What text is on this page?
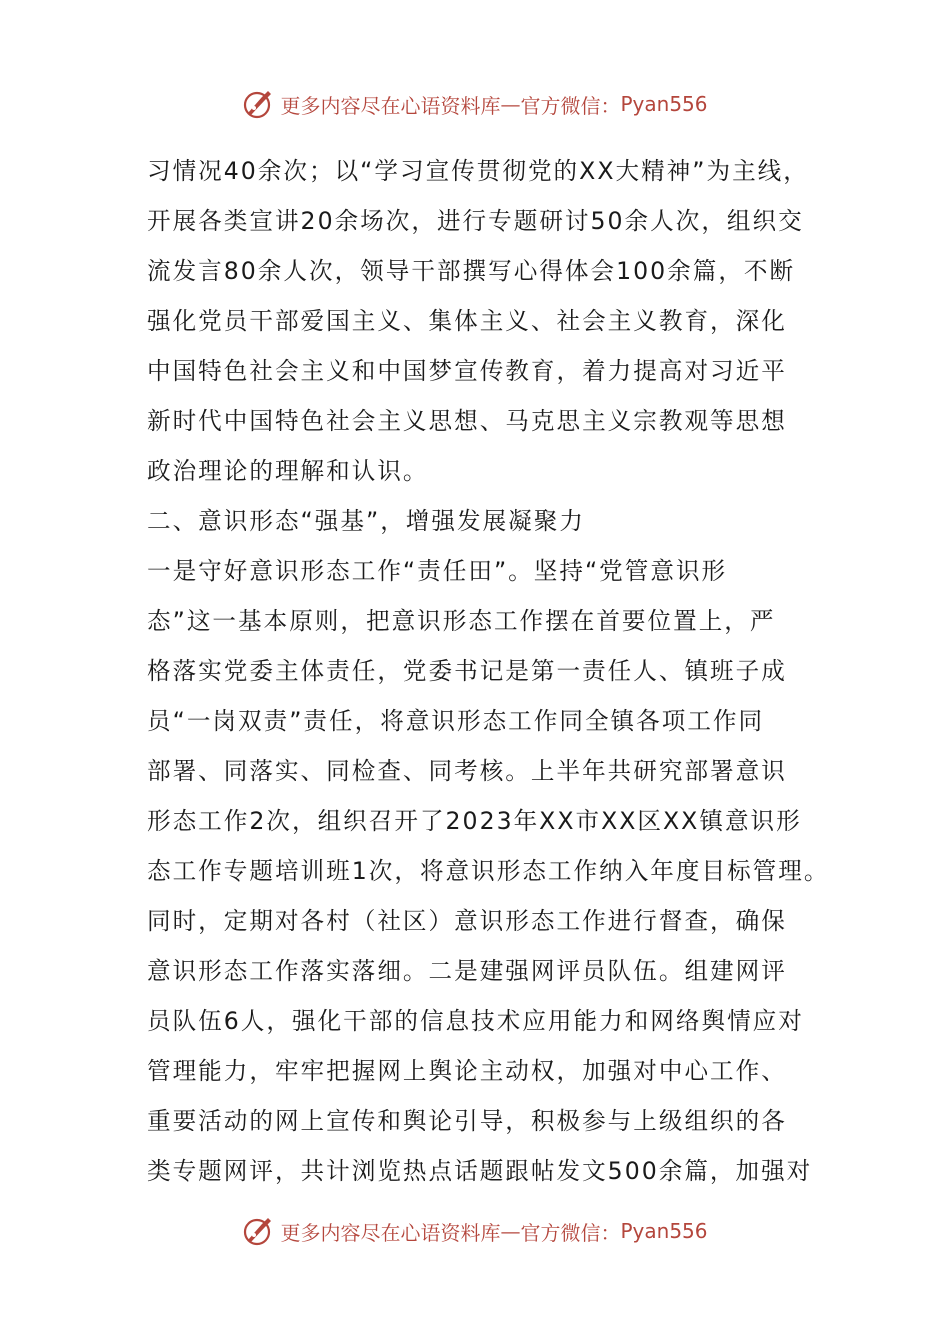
更多内容尽在心语资料库 — 官方微信： Pyan556
习情况40余次；以“学习宣传贯彻党的XX大精神”为主线，
开展各类宣讲20余场次，进行专题研讨50余人次，组织交
流发言80余人次，领导干部撰写心得体会100余篇，不断
强化党员干部爱国主义、集体主义、社会主义教育，深化
中国特色社会主义和中国梦宣传教育，着力提高对习近平
新时代中国特色社会主义思想、马克思主义宗教观等思想
政治理论的理解和认识。
二、意识形态“强基”，增强发展凝聚力
一是守好意识形态工作“责任田”。坚持“党管意识形
态”这一基本原则，把意识形态工作摆在首要位置上，严
格落实党委主体责任，党委书记是第一责任人、镇班子成
员“一岗双责”责任，将意识形态工作同全镇各项工作同
部署、同落实、同检查、同考核。上半年共研究部署意识
形态工作2次，组织召开了2023年XX市XX区XX镇意识形
态工作专题培训班1次，将意识形态工作纳入年度目标管理。
同时，定期对各村（社区）意识形态工作进行督查，确保
意识形态工作落实落细。二是建强网评员队伍。组建网评
员队伍6人，强化干部的信息技术应用能力和网络舆情应对
管理能力，牢牢把握网上舆论主动权，加强对中心工作、
重要活动的网上宣传和舆论引导，积极参与上级组织的各
类专题网评，共计浏览热点话题跟帖发文500余篇，加强对
更多内容尽在心语资料库 — 官方微信： Pyan556
